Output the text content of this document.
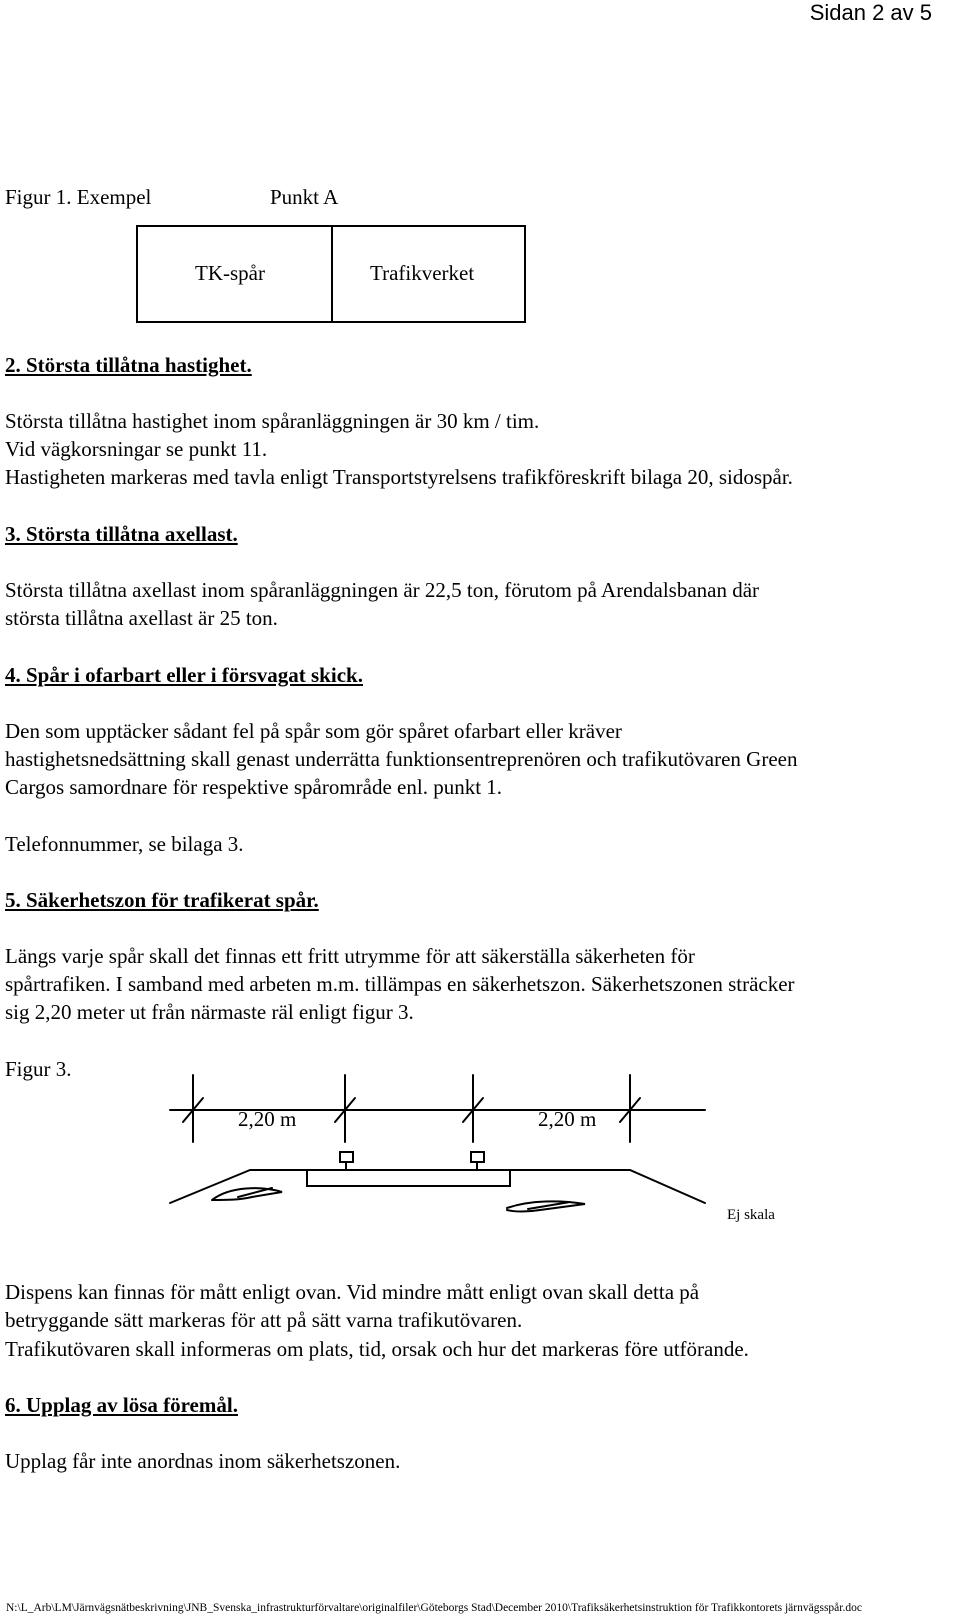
Sidan 2 av 5

Figur 1. Exempel	Punkt A

TK-spår	Trafikverket

2. Största tillåtna hastighet.

Största tillåtna hastighet inom spåranläggningen är 30 km / tim.

Vid vägkorsningar se punkt 11.

Hastigheten markeras med tavla enligt Transportstyrelsens trafikföreskrift bilaga 20, sidospår.

3. Största tillåtna axellast.

Största tillåtna axellast inom spåranläggningen är 22,5 ton, förutom på Arendalsbanan där

största tillåtna axellast är 25 ton.

4. Spår i ofarbart eller i försvagat skick.

Den som upptäcker sådant fel på spår som gör spåret ofarbart eller kräver

hastighetsnedsättning skall genast underrätta funktionsentreprenören och trafikutövaren Green

Cargos samordnare för respektive spårområde enl. punkt 1.

Telefonnummer, se bilaga 3.

5. Säkerhetszon för trafikerat spår.

Längs varje spår skall det finnas ett fritt utrymme för att säkerställa säkerheten för

spårtrafiken. I samband med arbeten m.m. tillämpas en säkerhetszon. Säkerhetszonen sträcker

sig 2,20 meter ut från närmaste räl enligt figur 3.

Figur 3.

2,20 m	2,20 m

Ej skala

Dispens kan finnas för mått enligt ovan. Vid mindre mått enligt ovan skall detta på

betryggande sätt markeras för att på sätt varna trafikutövaren.

Trafikutövaren skall informeras om plats, tid, orsak och hur det markeras före utförande.

6. Upplag av lösa föremål.

Upplag får inte anordnas inom säkerhetszonen.

N:\L_Arb\LM\Järnvägsnätbeskrivning\JNB_Svenska_infrastrukturförvaltare\originalfiler\Göteborgs Stad\December 2010\Trafiksäkerhetsinstruktion för Trafikkontorets järnvägsspår.doc
